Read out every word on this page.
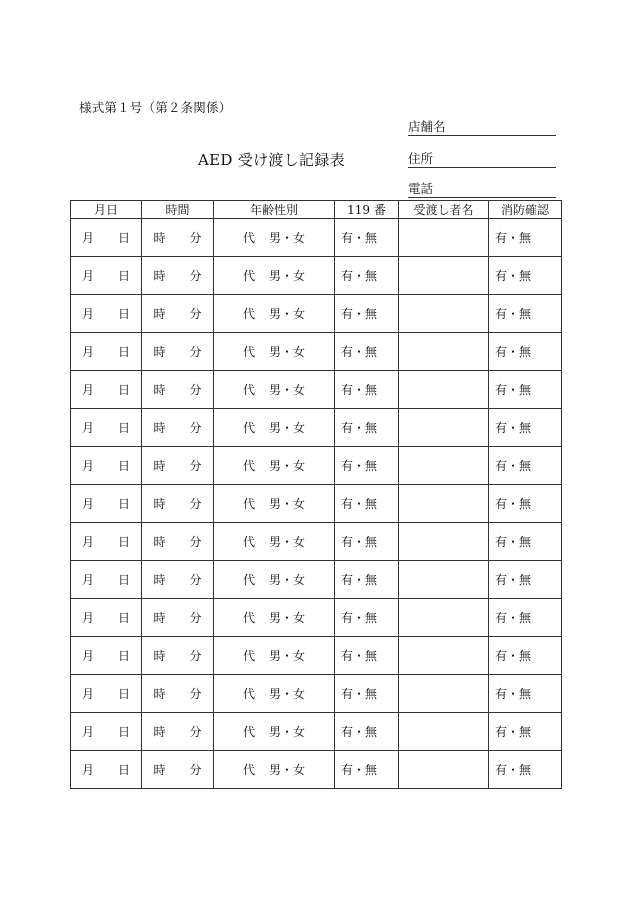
様式第１号（第２条関係）
AED 受け渡し記録表
店舗名
住所
電話
月日	時間	年齢性別	119 番	受渡し者名	消防確認
月 日	時 分	代 男・女	有・無		有・無
月 日	時 分	代 男・女	有・無		有・無
月 日	時 分	代 男・女	有・無		有・無
月 日	時 分	代 男・女	有・無		有・無
月 日	時 分	代 男・女	有・無		有・無
月 日	時 分	代 男・女	有・無		有・無
月 日	時 分	代 男・女	有・無		有・無
月 日	時 分	代 男・女	有・無		有・無
月 日	時 分	代 男・女	有・無		有・無
月 日	時 分	代 男・女	有・無		有・無
月 日	時 分	代 男・女	有・無		有・無
月 日	時 分	代 男・女	有・無		有・無
月 日	時 分	代 男・女	有・無		有・無
月 日	時 分	代 男・女	有・無		有・無
月 日	時 分	代 男・女	有・無		有・無
